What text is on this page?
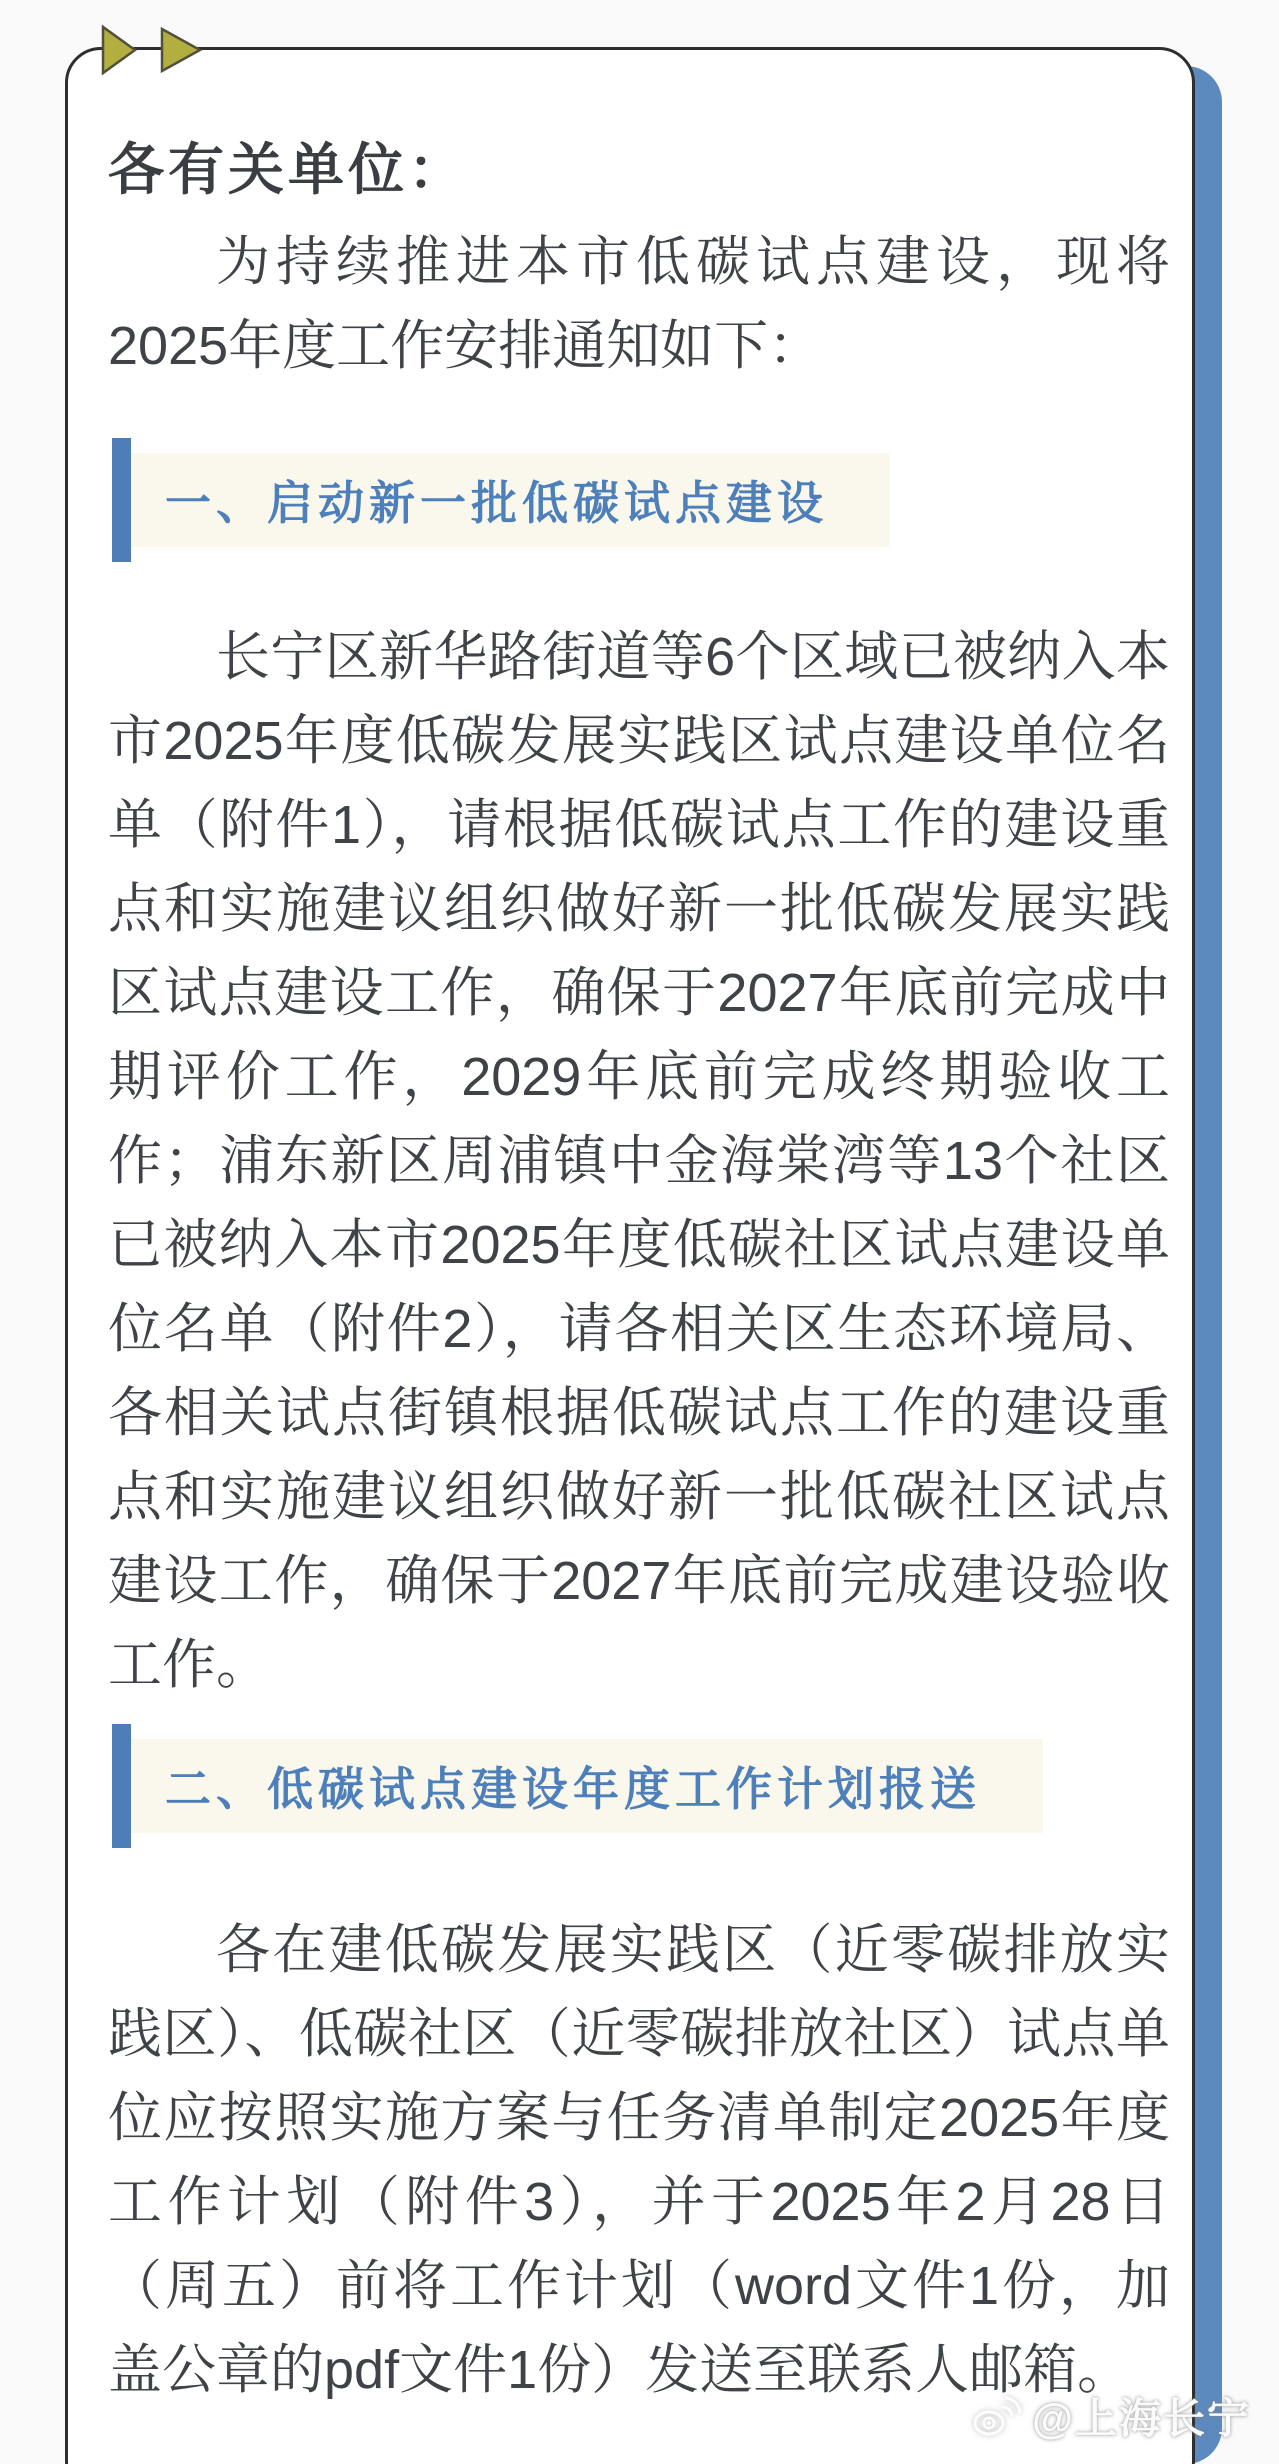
各有关单位：

为持续推进本市低碳试点建设，现将2025年度工作安排通知如下：

一、启动新一批低碳试点建设

长宁区新华路街道等6个区域已被纳入本市2025年度低碳发展实践区试点建设单位名单（附件1），请根据低碳试点工作的建设重点和实施建议组织做好新一批低碳发展实践区试点建设工作，确保于2027年底前完成中期评价工作，2029年底前完成终期验收工作；浦东新区周浦镇中金海棠湾等13个社区已被纳入本市2025年度低碳社区试点建设单位名单（附件2），请各相关区生态环境局、各相关试点街镇根据低碳试点工作的建设重点和实施建议组织做好新一批低碳社区试点建设工作，确保于2027年底前完成建设验收工作。

二、低碳试点建设年度工作计划报送

各在建低碳发展实践区（近零碳排放实践区）、低碳社区（近零碳排放社区）试点单位应按照实施方案与任务清单制定2025年度工作计划（附件3），并于2025年2月28日（周五）前将工作计划（word文件1份，加盖公章的pdf文件1份）发送至联系人邮箱。

@上海长宁
